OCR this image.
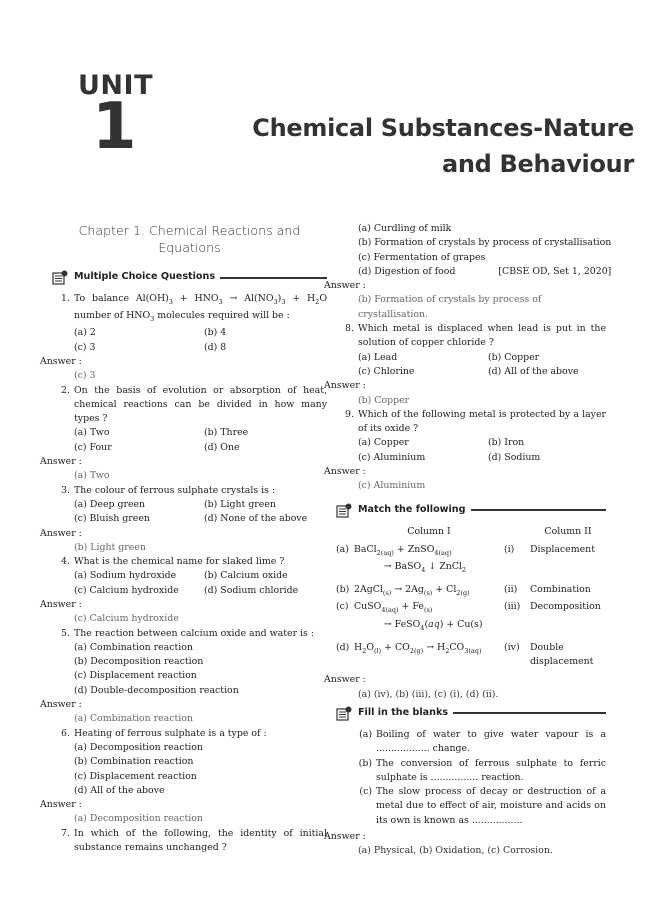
UNIT
1	Chemical Substances-Nature
and Behaviour
Chapter 1. Chemical Reactions and
Equations
Multiple Choice Questions
1. To balance $Al(OH)_3 + HNO_3 \to Al(NO_3)_3 + H_2O$ number of $HNO_3$ molecules required will be :
(a) 2	(b) 4
(c) 3	(d) 8
Answer :
(c) 3
2. On the basis of evolution or absorption of heat, chemical reactions can be divided in how many types ?
(a) Two	(b) Three
(c) Four	(d) One
Answer :
(a) Two
3. The colour of ferrous sulphate crystals is :
(a) Deep green	(b) Light green
(c) Bluish green	(d) None of the above
Answer :
(b) Light green
4. What is the chemical name for slaked lime ?
(a) Sodium hydroxide	(b) Calcium oxide
(c) Calcium hydroxide	(d) Sodium chloride
Answer :
(c) Calcium hydroxide
5. The reaction between calcium oxide and water is :
(a) Combination reaction
(b) Decomposition reaction
(c) Displacement reaction
(d) Double-decomposition reaction
Answer :
(a) Combination reaction
6. Heating of ferrous sulphate is a type of :
(a) Decomposition reaction
(b) Combination reaction
(c) Displacement reaction
(d) All of the above
Answer :
(a) Decomposition reaction
7. In which of the following, the identity of initial substance remains unchanged ?
(a) Curdling of milk
(b) Formation of crystals by process of crystallisation
(c) Fermentation of grapes
(d) Digestion of food	[CBSE OD, Set 1, 2020]
Answer :
(b) Formation of crystals by process of crystallisation.
8. Which metal is displaced when lead is put in the solution of copper chloride ?
(a) Lead	(b) Copper
(c) Chlorine	(d) All of the above
Answer :
(b) Copper
9. Which of the following metal is protected by a layer of its oxide ?
(a) Copper	(b) Iron
(c) Aluminium	(d) Sodium
Answer :
(c) Aluminium
Match the following
	Column I		Column II
(a)	BaCl$_{2(aq)}$ + ZnSO$_{4(aq)}$
→ BaSO$_4$ ↓ ZnCl$_2$	(i)	Displacement
(b)	2AgCl$_{(s)}$ → $2Ag_{(s)} + Cl_{2(g)}$	(ii)	Combination
(c)	CuSO$_{4(aq)}$ + $Fe_{(s)}$
→ FeSO$_4$(aq) + Cu(s)	(iii)	Decomposition
(d)	$H_2O_{(l)} + CO_{2(g)} \to H_2CO_{3(aq)}$	(iv)	Double displacement
Answer :
(a) (iv), (b) (iii), (c) (i), (d) (ii).
Fill in the blanks
(a) Boiling of water to give water vapour is a .................. change.
(b) The conversion of ferrous sulphate to ferric sulphate is ................ reaction.
(c) The slow process of decay or destruction of a metal due to effect of air, moisture and acids on its own is known as .................
Answer :
(a) Physical, (b) Oxidation, (c) Corrosion.
